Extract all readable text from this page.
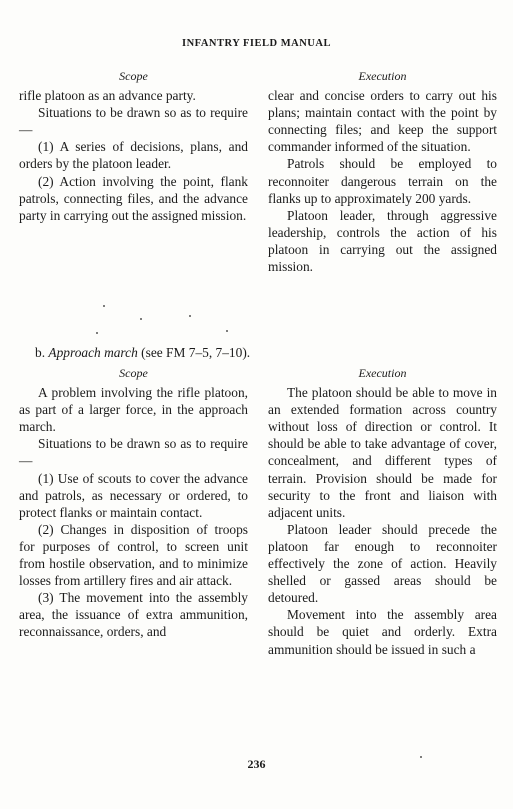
INFANTRY FIELD MANUAL
Scope

rifle platoon as an advance party.

Situations to be drawn so as to require—

(1) A series of decisions, plans, and orders by the platoon leader.

(2) Action involving the point, flank patrols, connecting files, and the advance party in carrying out the assigned mission.

Execution

clear and concise orders to carry out his plans; maintain contact with the point by connecting files; and keep the support commander informed of the situation.

Patrols should be employed to reconnoiter dangerous terrain on the flanks up to approximately 200 yards.

Platoon leader, through aggressive leadership, controls the action of his platoon in carrying out the assigned mission.

b. Approach march (see FM 7–5, 7–10).
Scope

A problem involving the rifle platoon, as part of a larger force, in the approach march.

Situations to be drawn so as to require—

(1) Use of scouts to cover the advance and patrols, as necessary or ordered, to protect flanks or maintain contact.

(2) Changes in disposition of troops for purposes of control, to screen unit from hostile observation, and to minimize losses from artillery fires and air attack.

(3) The movement into the assembly area, the issuance of extra ammunition, reconnaissance, orders, and

Execution

The platoon should be able to move in an extended formation across country without loss of direction or control. It should be able to take advantage of cover, concealment, and different types of terrain. Provision should be made for security to the front and liaison with adjacent units.

Platoon leader should precede the platoon far enough to reconnoiter effectively the zone of action. Heavily shelled or gassed areas should be detoured.

Movement into the assembly area should be quiet and orderly. Extra ammunition should be issued in such a

236
